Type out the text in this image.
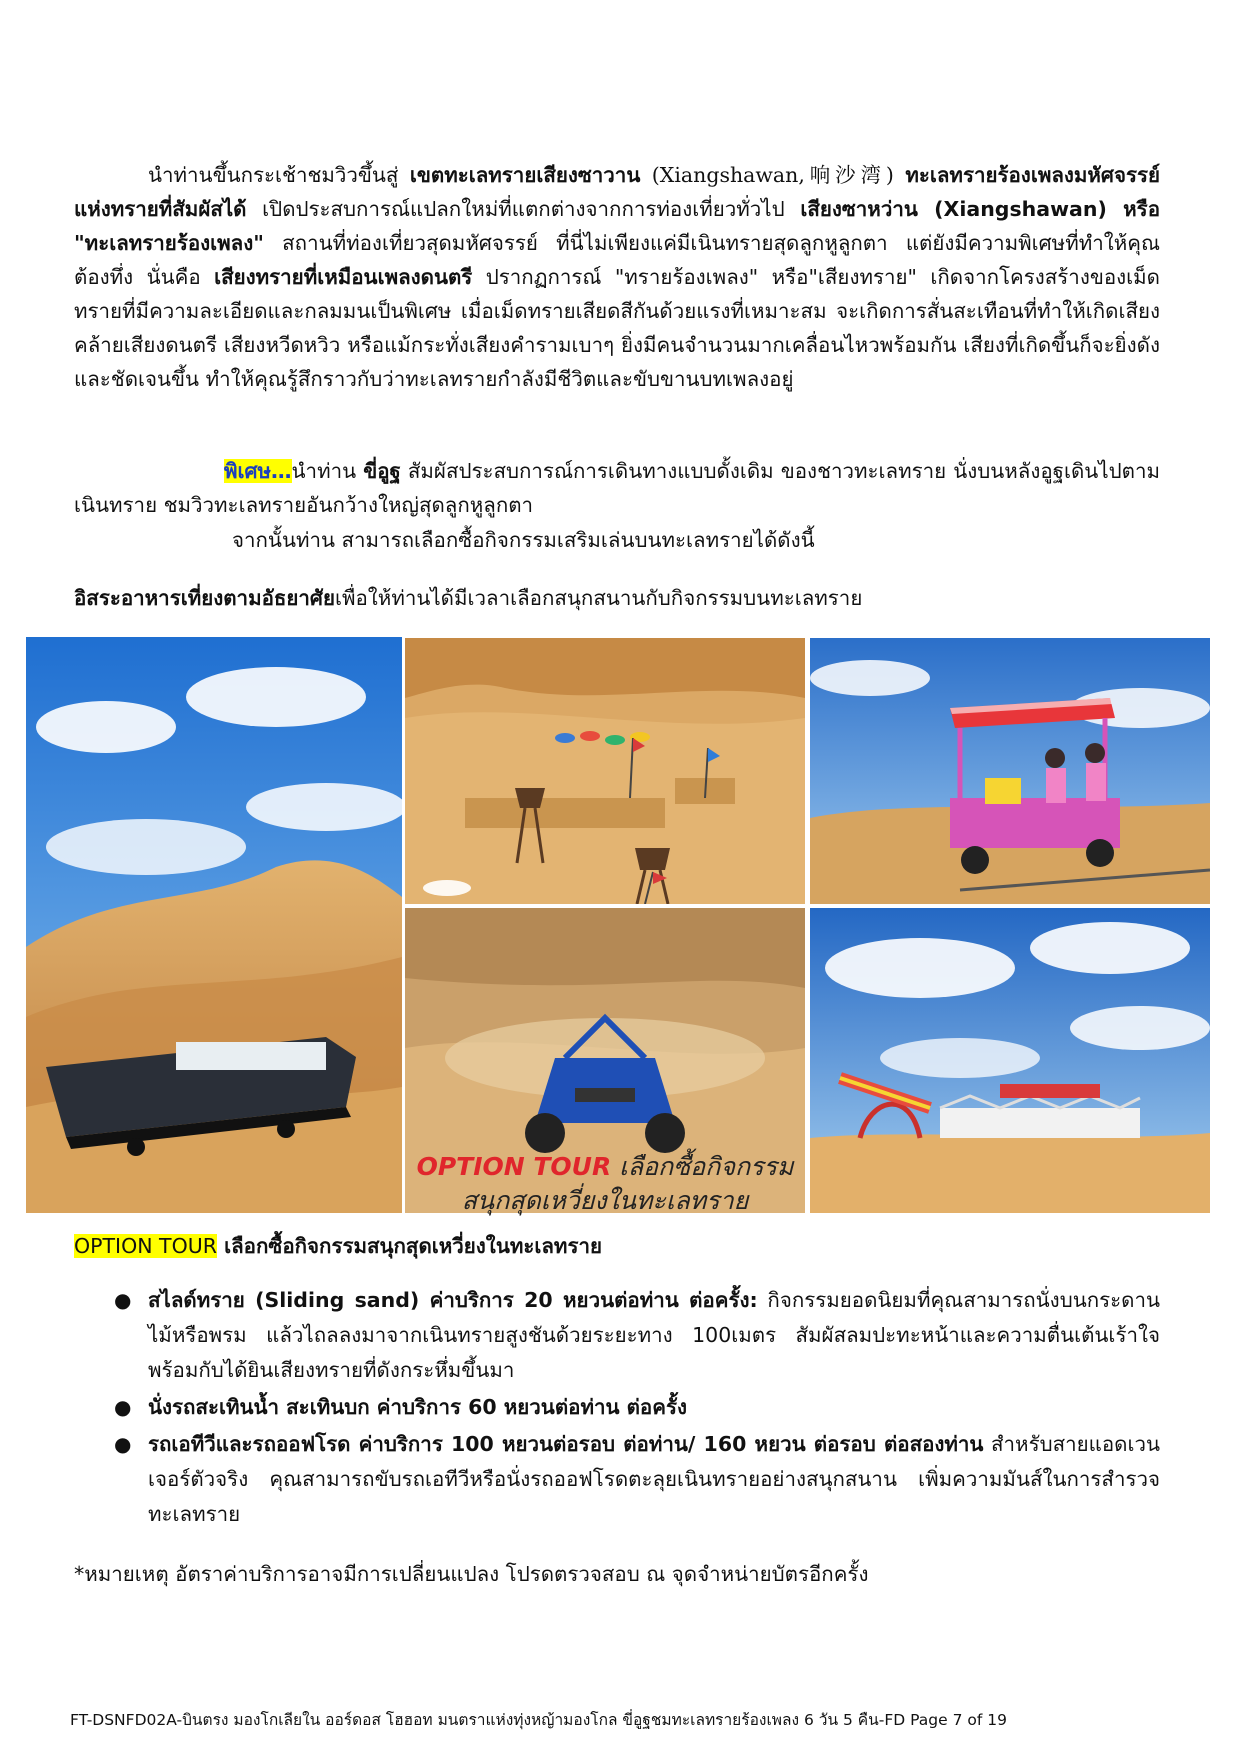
นำท่านขึ้นกระเช้าชมวิวขึ้นสู่ เขตทะเลทรายเสียงซาวาน (Xiangshawan,响沙湾) ทะเลทรายร้องเพลงมหัศจรรย์แห่งทรายที่สัมผัสได้ เปิดประสบการณ์แปลกใหม่ที่แตกต่างจากการท่องเที่ยวทั่วไป เสียงซาหว่าน (Xiangshawan) หรือ "ทะเลทรายร้องเพลง" สถานที่ท่องเที่ยวสุดมหัศจรรย์ ที่นี่ไม่เพียงแค่มีเนินทรายสุดลูกหูลูกตา แต่ยังมีความพิเศษที่ทำให้คุณต้องทึ่ง นั่นคือ เสียงทรายที่เหมือนเพลงดนตรี ปรากฏการณ์ "ทรายร้องเพลง" หรือ"เสียงทราย" เกิดจากโครงสร้างของเม็ดทรายที่มีความละเอียดและกลมมนเป็นพิเศษ เมื่อเม็ดทรายเสียดสีกันด้วยแรงที่เหมาะสม จะเกิดการสั่นสะเทือนที่ทำให้เกิดเสียงคล้ายเสียงดนตรี เสียงหวีดหวิว หรือแม้กระทั่งเสียงคำรามเบาๆ ยิ่งมีคนจำนวนมากเคลื่อนไหวพร้อมกัน เสียงที่เกิดขึ้นก็จะยิ่งดังและชัดเจนขึ้น ทำให้คุณรู้สึกราวกับว่าทะเลทรายกำลังมีชีวิตและขับขานบทเพลงอยู่

พิเศษ…นำท่าน ขี่อูฐ สัมผัสประสบการณ์การเดินทางแบบดั้งเดิม ของชาวทะเลทราย นั่งบนหลังอูฐเดินไปตามเนินทราย ชมวิวทะเลทรายอันกว้างใหญ่สุดลูกหูลูกตา

จากนั้นท่าน สามารถเลือกซื้อกิจกรรมเสริมเล่นบนทะเลทรายได้ดังนี้

อิสระอาหารเที่ยงตามอัธยาศัยเพื่อให้ท่านได้มีเวลาเลือกสนุกสนานกับกิจกรรมบนทะเลทราย

OPTION TOUR เลือกซื้อกิจกรรม
สนุกสุดเหวี่ยงในทะเลทราย

OPTION TOUR เลือกซื้อกิจกรรมสนุกสุดเหวี่ยงในทะเลทราย

● สไลด์ทราย (Sliding sand) ค่าบริการ 20 หยวนต่อท่าน ต่อครั้ง: กิจกรรมยอดนิยมที่คุณสามารถนั่งบนกระดานไม้หรือพรม แล้วไถลลงมาจากเนินทรายสูงชันด้วยระยะทาง 100เมตร สัมผัสลมปะทะหน้าและความตื่นเต้นเร้าใจ พร้อมกับได้ยินเสียงทรายที่ดังกระหึ่มขึ้นมา
● นั่งรถสะเทินน้ำ สะเทินบก ค่าบริการ 60 หยวนต่อท่าน ต่อครั้ง
● รถเอทีวีและรถออฟโรด ค่าบริการ 100 หยวนต่อรอบ ต่อท่าน/ 160 หยวน ต่อรอบ ต่อสองท่าน สำหรับสายแอดเวนเจอร์ตัวจริง คุณสามารถขับรถเอทีวีหรือนั่งรถออฟโรดตะลุยเนินทรายอย่างสนุกสนาน เพิ่มความมันส์ในการสำรวจทะเลทราย

*หมายเหตุ อัตราค่าบริการอาจมีการเปลี่ยนแปลง โปรดตรวจสอบ ณ จุดจำหน่ายบัตรอีกครั้ง

FT-DSNFD02A-บินตรง มองโกเลียใน ออร์ดอส โฮฮอท มนตราแห่งทุ่งหญ้ามองโกล ขี่อูฐชมทะเลทรายร้องเพลง 6 วัน 5 คืน-FD Page 7 of 19
